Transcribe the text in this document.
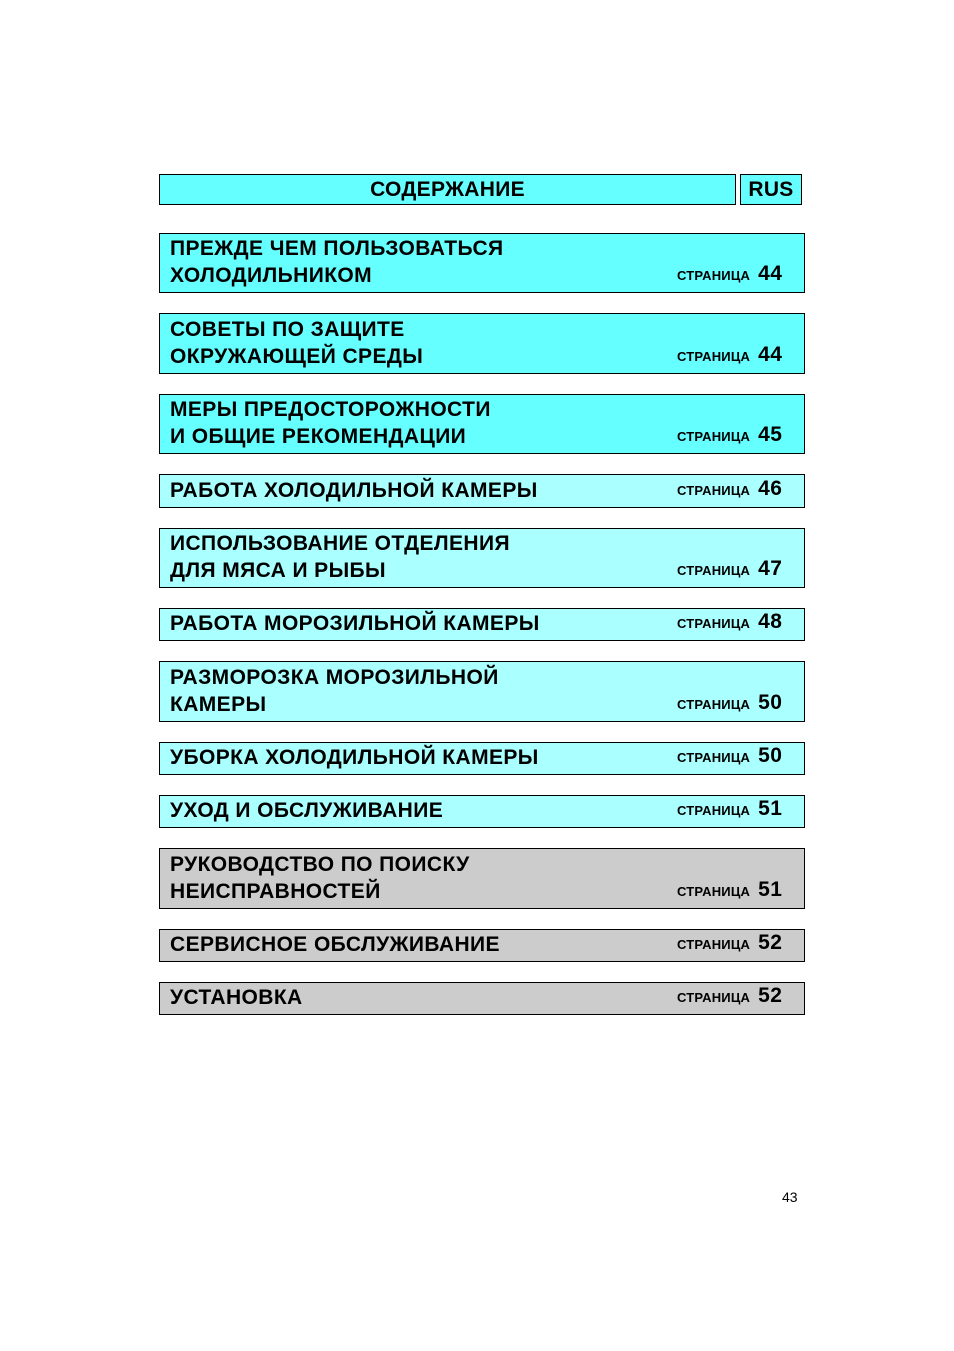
СОДЕРЖАНИЕ	RUS
ПРЕЖДЕ ЧЕМ ПОЛЬЗОВАТЬСЯ
ХОЛОДИЛЬНИКОМ	СТРАНИЦА 44
СОВЕТЫ ПО ЗАЩИТЕ
ОКРУЖАЮЩЕЙ СРЕДЫ	СТРАНИЦА 44
МЕРЫ ПРЕДОСТОРОЖНОСТИ
И ОБЩИЕ РЕКОМЕНДАЦИИ	СТРАНИЦА 45
РАБОТА ХОЛОДИЛЬНОЙ КАМЕРЫ	СТРАНИЦА 46
ИСПОЛЬЗОВАНИЕ ОТДЕЛЕНИЯ
ДЛЯ МЯСА И РЫБЫ	СТРАНИЦА 47
РАБОТА МОРОЗИЛЬНОЙ КАМЕРЫ	СТРАНИЦА 48
РАЗМОРОЗКА МОРОЗИЛЬНОЙ
КАМЕРЫ	СТРАНИЦА 50
УБОРКА ХОЛОДИЛЬНОЙ КАМЕРЫ	СТРАНИЦА 50
УХОД И ОБСЛУЖИВАНИЕ	СТРАНИЦА 51
РУКОВОДСТВО ПО ПОИСКУ
НЕИСПРАВНОСТЕЙ	СТРАНИЦА 51
СЕРВИСНОЕ ОБСЛУЖИВАНИЕ	СТРАНИЦА 52
УСТАНОВКА	СТРАНИЦА 52
43
